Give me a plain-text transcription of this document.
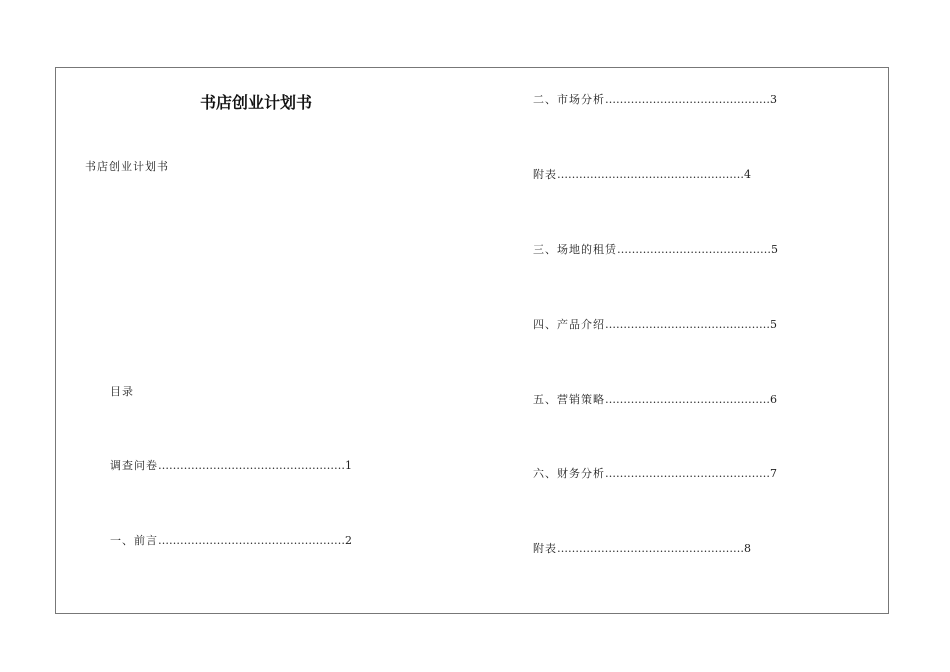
书店创业计划书
书店创业计划书
目录
调查问卷……………………………………………1
一、前言……………………………………………2
二、市场分析………………………………………3
附表……………………………………………4
三、场地的租赁……………………………………5
四、产品介绍………………………………………5
五、营销策略………………………………………6
六、财务分析………………………………………7
附表……………………………………………8
